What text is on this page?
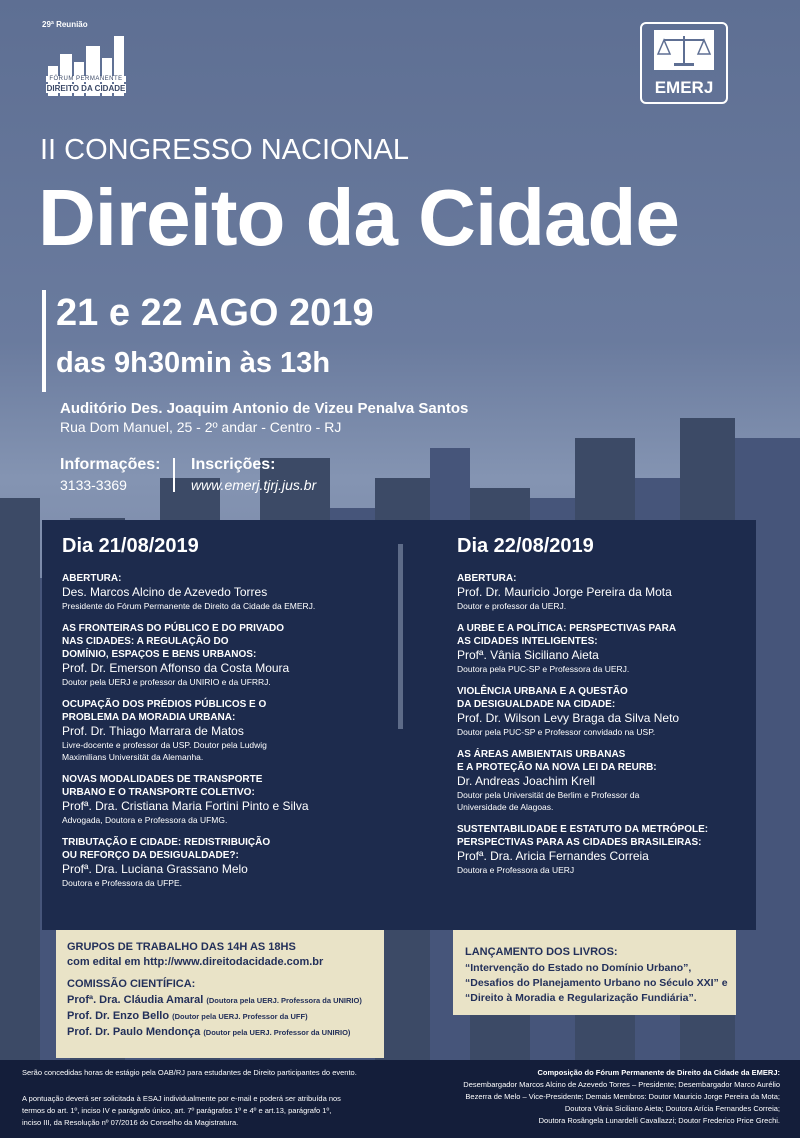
29ª Reunião
FÓRUM PERMANENTE
DIREITO DA CIDADE	EMERJ
II CONGRESSO NACIONAL
Direito da Cidade
21 e 22 AGO 2019
das 9h30min às 13h
Auditório Des. Joaquim Antonio de Vizeu Penalva Santos
Rua Dom Manuel, 25 - 2º andar - Centro - RJ
Informações:
3133-3369
Inscrições:
www.emerj.tjrj.jus.br
Dia 21/08/2019
ABERTURA:
Des. Marcos Alcino de Azevedo Torres
Presidente do Fórum Permanente de Direito da Cidade da EMERJ.
AS FRONTEIRAS DO PÚBLICO E DO PRIVADO
NAS CIDADES: A REGULAÇÃO DO
DOMÍNIO, ESPAÇOS E BENS URBANOS:
Prof. Dr. Emerson Affonso da Costa Moura
Doutor pela UERJ e professor da UNIRIO e da UFRRJ.
OCUPAÇÃO DOS PRÉDIOS PÚBLICOS E O
PROBLEMA DA MORADIA URBANA:
Prof. Dr. Thiago Marrara de Matos
Livre-docente e professor da USP. Doutor pela Ludwig
Maximilians Universität da Alemanha.
NOVAS MODALIDADES DE TRANSPORTE
URBANO E O TRANSPORTE COLETIVO:
Profª. Dra. Cristiana Maria Fortini Pinto e Silva
Advogada, Doutora e Professora da UFMG.
TRIBUTAÇÃO E CIDADE: REDISTRIBUIÇÃO
OU REFORÇO DA DESIGUALDADE?:
Profª. Dra. Luciana Grassano Melo
Doutora e Professora da UFPE.
Dia 22/08/2019
ABERTURA:
Prof. Dr. Mauricio Jorge Pereira da Mota
Doutor e professor da UERJ.
A URBE E A POLÍTICA: PERSPECTIVAS PARA
AS CIDADES INTELIGENTES:
Profª. Vânia Siciliano Aieta
Doutora pela PUC-SP e Professora da UERJ.
VIOLÊNCIA URBANA E A QUESTÃO
DA DESIGUALDADE NA CIDADE:
Prof. Dr. Wilson Levy Braga da Silva Neto
Doutor pela PUC-SP e Professor convidado na USP.
AS ÁREAS AMBIENTAIS URBANAS
E A PROTEÇÃO NA NOVA LEI DA REURB:
Dr. Andreas Joachim Krell
Doutor pela Universität de Berlim e Professor da
Universidade de Alagoas.
SUSTENTABILIDADE E ESTATUTO DA METRÓPOLE:
PERSPECTIVAS PARA AS CIDADES BRASILEIRAS:
Profª. Dra. Aricia Fernandes Correia
Doutora e Professora da UERJ
GRUPOS DE TRABALHO DAS 14H AS 18HS
com edital em http://www.direitodacidade.com.br
COMISSÃO CIENTÍFICA:
Profª. Dra. Cláudia Amaral (Doutora pela UERJ. Professora da UNIRIO)
Prof. Dr. Enzo Bello (Doutor pela UERJ. Professor da UFF)
Prof. Dr. Paulo Mendonça (Doutor pela UERJ. Professor da UNIRIO)
LANÇAMENTO DOS LIVROS:
“Intervenção do Estado no Domínio Urbano”,
“Desafios do Planejamento Urbano no Século XXI” e
“Direito à Moradia e Regularização Fundiária”.
Serão concedidas horas de estágio pela OAB/RJ para estudantes de Direito participantes do evento.
A pontuação deverá ser solicitada à ESAJ individualmente por e-mail e poderá ser atribuída nos
termos do art. 1º, inciso IV e parágrafo único, art. 7º parágrafos 1º e 4º e art.13, parágrafo 1º,
inciso III, da Resolução nº 07/2016 do Conselho da Magistratura.
Composição do Fórum Permanente de Direito da Cidade da EMERJ:
Desembargador Marcos Alcino de Azevedo Torres – Presidente; Desembargador Marco Aurélio
Bezerra de Melo – Vice-Presidente; Demais Membros: Doutor Mauricio Jorge Pereira da Mota;
Doutora Vânia Siciliano Aieta; Doutora Arícia Fernandes Correia;
Doutora Rosângela Lunardelli Cavallazzi; Doutor Frederico Price Grechi.
